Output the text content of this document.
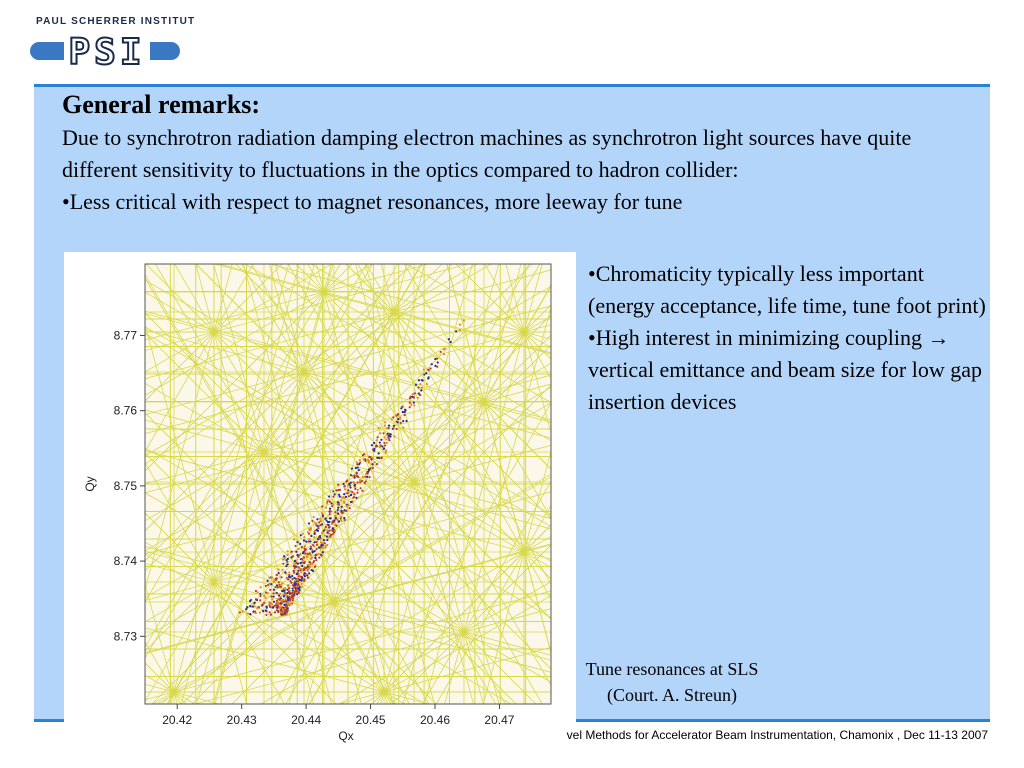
PAUL SCHERRER INSTITUT
PSI

General remarks:

Due to synchrotron radiation damping electron machines as synchrotron light sources have quite different sensitivity to fluctuations in the optics compared to hadron collider:

•Less critical with respect to magnet resonances, more leeway for tune

20.42	20.43	20.44	20.45	20.46	20.47
8.73
8.74
8.75
8.76
8.77
Qx
Qy
•Chromaticity typically less important (energy acceptance, life time, tune foot print)
•High interest in minimizing coupling → vertical emittance and beam size for low gap insertion devices
Tune resonances at SLS
(Court. A. Streun)
vel Methods for Accelerator Beam Instrumentation, Chamonix , Dec 11-13 2007
